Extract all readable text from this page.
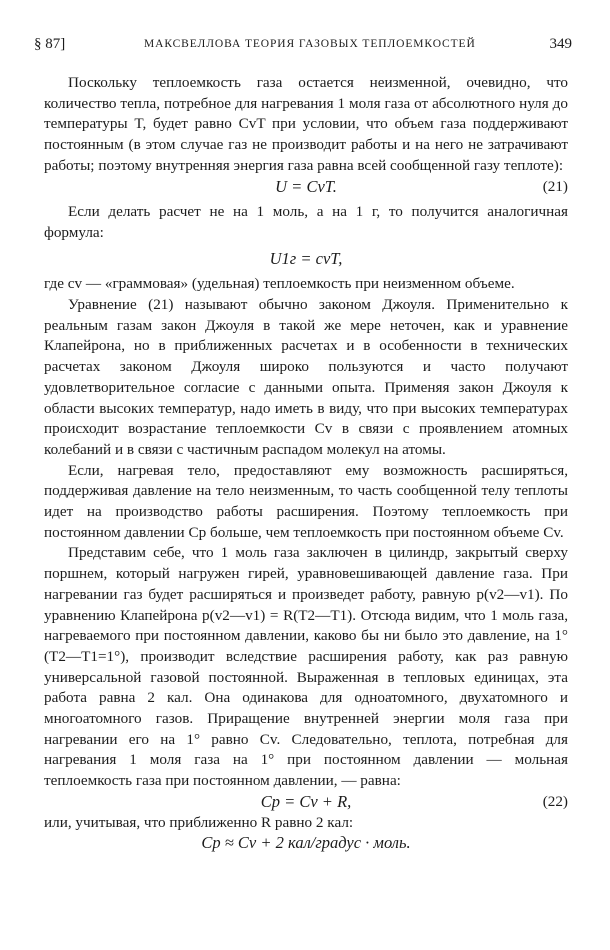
§ 87]	МАКСВЕЛЛОВА ТЕОРИЯ ГАЗОВЫХ ТЕПЛОЕМКОСТЕЙ	349
Поскольку теплоемкость газа остается неизменной, очевидно, что количество тепла, потребное для нагревания 1 моля газа от абсолютного нуля до температуры T, будет равно CvT при условии, что объем газа поддерживают постоянным (в этом случае газ не производит работы и на него не затрачивают работы; поэтому внутренняя энергия газа равна всей сообщенной газу теплоте):
U = CvT.	(21)
Если делать расчет не на 1 моль, а на 1 г, то получится аналогичная формула:
U1г = cvT,
где cv — «граммовая» (удельная) теплоемкость при неизменном объеме.
Уравнение (21) называют обычно законом Джоуля. Применительно к реальным газам закон Джоуля в такой же мере неточен, как и уравнение Клапейрона, но в приближенных расчетах и в особенности в технических расчетах законом Джоуля широко пользуются и часто получают удовлетворительное согласие с данными опыта. Применяя закон Джоуля к области высоких температур, надо иметь в виду, что при высоких температурах происходит возрастание теплоемкости Cv в связи с проявлением атомных колебаний и в связи с частичным распадом молекул на атомы.
Если, нагревая тело, предоставляют ему возможность расширяться, поддерживая давление на тело неизменным, то часть сообщенной телу теплоты идет на производство работы расширения. Поэтому теплоемкость при постоянном давлении Cp больше, чем теплоемкость при постоянном объеме Cv.
Представим себе, что 1 моль газа заключен в цилиндр, закрытый сверху поршнем, который нагружен гирей, уравновешивающей давление газа. При нагревании газ будет расширяться и произведет работу, равную p(v2—v1). По уравнению Клапейрона p(v2—v1) = R(T2—T1). Отсюда видим, что 1 моль газа, нагреваемого при постоянном давлении, каково бы ни было это давление, на 1° (T2—T1=1°), производит вследствие расширения работу, как раз равную универсальной газовой постоянной. Выраженная в тепловых единицах, эта работа равна 2 кал. Она одинакова для одноатомного, двухатомного и многоатомного газов. Приращение внутренней энергии моля газа при нагревании его на 1° равно Cv. Следовательно, теплота, потребная для нагревания 1 моля газа на 1° при постоянном давлении — мольная теплоемкость газа при постоянном давлении, — равна:
Cp = Cv + R,	(22)
или, учитывая, что приближенно R равно 2 кал:
Cp ≈ Cv + 2 кал/градус · моль.
